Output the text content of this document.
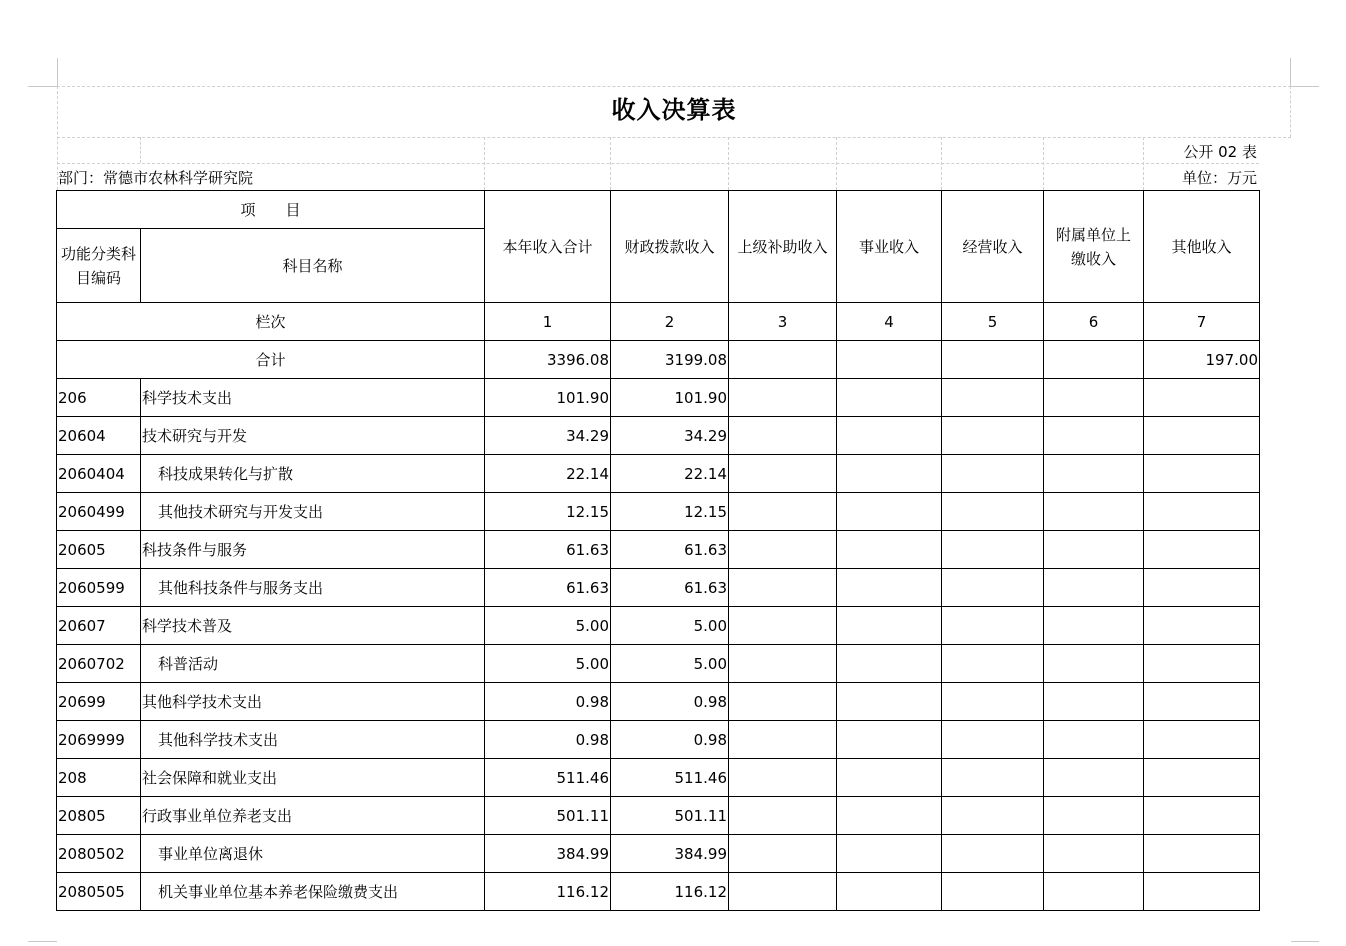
收入决算表
公开 02 表
部门：常德市农林科学研究院	单位：万元
项　　目		本年收入合计	财政拨款收入	上级补助收入	事业收入	经营收入	附属单位上缴收入	其他收入
功能分类科目编码	科目名称							
栏次		1	2	3	4	5	6	7
合计		3396.08	3199.08					197.00
206	科学技术支出	101.90	101.90					
20604	技术研究与开发	34.29	34.29					
2060404	科技成果转化与扩散	22.14	22.14					
2060499	其他技术研究与开发支出	12.15	12.15					
20605	科技条件与服务	61.63	61.63					
2060599	其他科技条件与服务支出	61.63	61.63					
20607	科学技术普及	5.00	5.00					
2060702	科普活动	5.00	5.00					
20699	其他科学技术支出	0.98	0.98					
2069999	其他科学技术支出	0.98	0.98					
208	社会保障和就业支出	511.46	511.46					
20805	行政事业单位养老支出	501.11	501.11					
2080502	事业单位离退休	384.99	384.99					
2080505	机关事业单位基本养老保险缴费支出	116.12	116.12					
